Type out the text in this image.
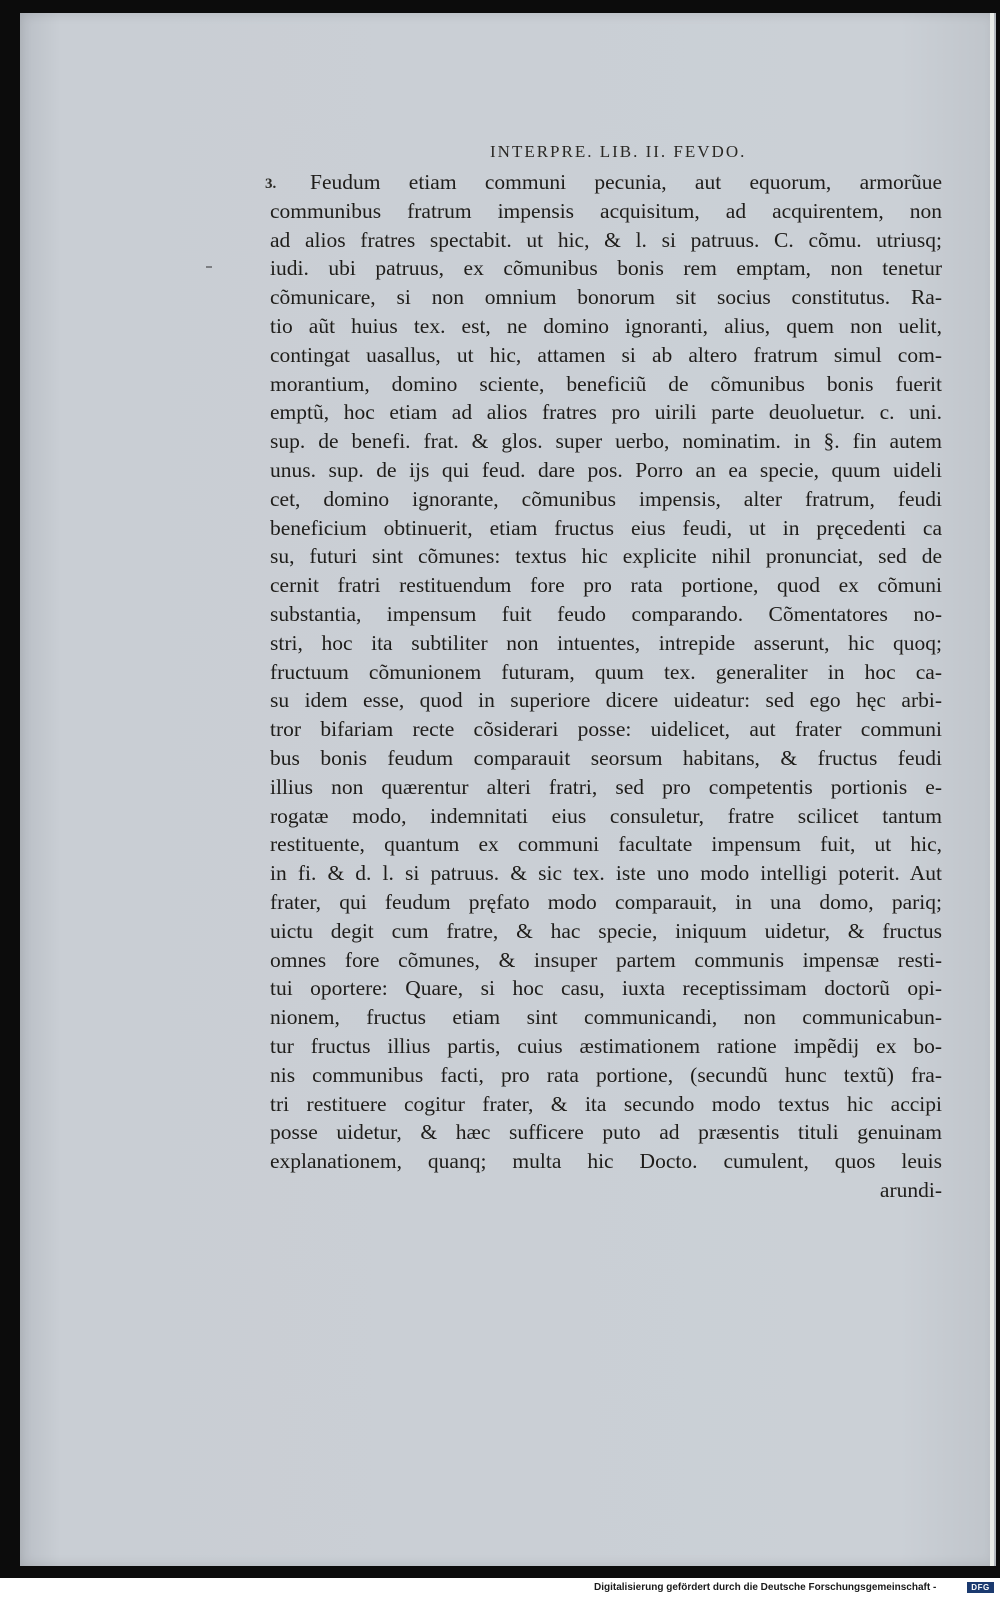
INTERPRE. LIB. II. FEVDO.
3.	Feudum etiam communi pecunia, aut equorum, armorũue
communibus fratrum impensis acquisitum, ad acquirentem, non
ad alios fratres spectabit. ut hic, & l. si patruus. C. cõmu. utriusq;
iudi. ubi patruus, ex cõmunibus bonis rem emptam, non tenetur
cõmunicare, si non omnium bonorum sit socius constitutus. Ra-
tio aũt huius tex. est, ne domino ignoranti, alius, quem non uelit,
contingat uasallus, ut hic, attamen si ab altero fratrum simul com-
morantium, domino sciente, beneficiũ de cõmunibus bonis fuerit
emptũ, hoc etiam ad alios fratres pro uirili parte deuoluetur. c. uni.
sup. de benefi. frat. & glos. super uerbo, nominatim. in §. fin autem
unus. sup. de ijs qui feud. dare pos. Porro an ea specie, quum uideli
cet, domino ignorante, cõmunibus impensis, alter fratrum, feudi
beneficium obtinuerit, etiam fructus eius feudi, ut in pręcedenti ca
su, futuri sint cõmunes: textus hic explicite nihil pronunciat, sed de
cernit fratri restituendum fore pro rata portione, quod ex cõmuni
substantia, impensum fuit feudo comparando. Cõmentatores no-
stri, hoc ita subtiliter non intuentes, intrepide asserunt, hic quoq;
fructuum cõmunionem futuram, quum tex. generaliter in hoc ca-
su idem esse, quod in superiore dicere uideatur: sed ego hęc arbi-
tror bifariam recte cõsiderari posse: uidelicet, aut frater communi
bus bonis feudum comparauit seorsum habitans, & fructus feudi
illius non quærentur alteri fratri, sed pro competentis portionis e-
rogatæ modo, indemnitati eius consuletur, fratre scilicet tantum
restituente, quantum ex communi facultate impensum fuit, ut hic,
in fi. & d. l. si patruus. & sic tex. iste uno modo intelligi poterit. Aut
frater, qui feudum pręfato modo comparauit, in una domo, pariq;
uictu degit cum fratre, & hac specie, iniquum uidetur, & fructus
omnes fore cõmunes, & insuper partem communis impensæ resti-
tui oportere: Quare, si hoc casu, iuxta receptissimam doctorũ opi-
nionem, fructus etiam sint communicandi, non communicabun-
tur fructus illius partis, cuius æstimationem ratione impẽdij ex bo-
nis communibus facti, pro rata portione, (secundũ hunc textũ) fra-
tri restituere cogitur frater, & ita secundo modo textus hic accipi
posse uidetur, & hæc sufficere puto ad præsentis tituli genuinam
explanationem, quanq; multa hic Docto. cumulent, quos leuis
arundi-
Digitalisierung gefördert durch die Deutsche Forschungsgemeinschaft -	DFG
